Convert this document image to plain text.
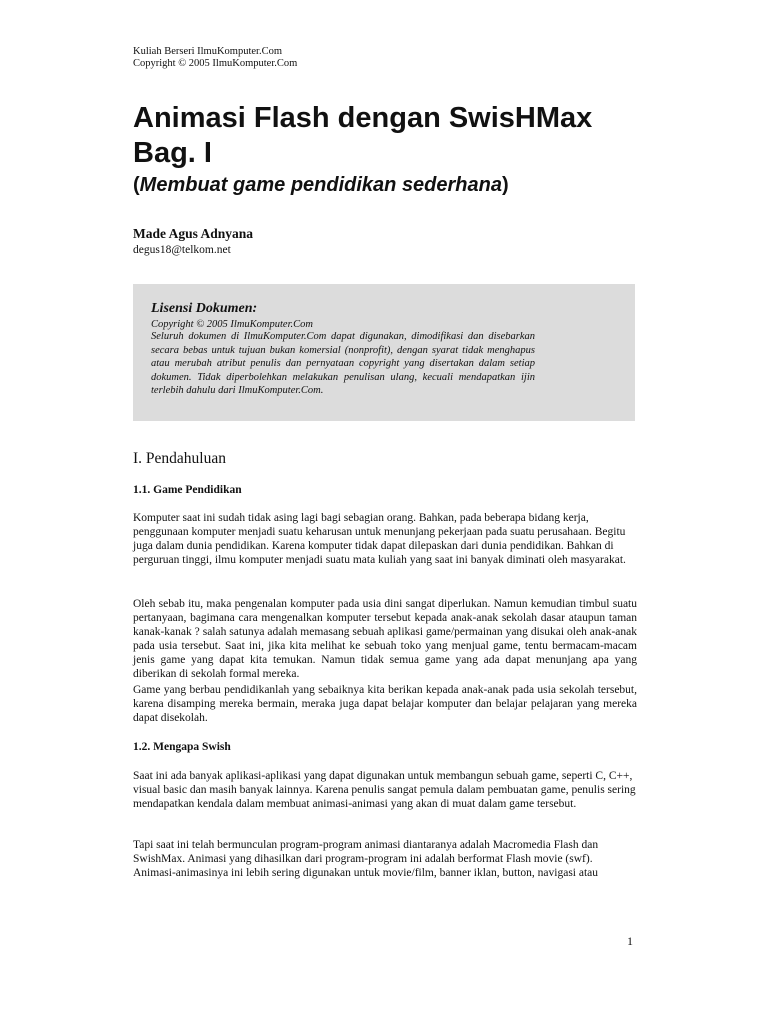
Kuliah Berseri IlmuKomputer.Com
Copyright © 2005 IlmuKomputer.Com
Animasi Flash dengan SwisHMax Bag. I
(Membuat game pendidikan sederhana)
Made Agus Adnyana
degus18@telkom.net
Lisensi Dokumen:
Copyright © 2005 IlmuKomputer.Com
Seluruh dokumen di IlmuKomputer.Com dapat digunakan, dimodifikasi dan disebarkan secara bebas untuk tujuan bukan komersial (nonprofit), dengan syarat tidak menghapus atau merubah atribut penulis dan pernyataan copyright yang disertakan dalam setiap dokumen. Tidak diperbolehkan melakukan penulisan ulang, kecuali mendapatkan ijin terlebih dahulu dari IlmuKomputer.Com.
I. Pendahuluan
1.1. Game Pendidikan

Komputer saat ini sudah tidak asing lagi bagi sebagian orang. Bahkan, pada beberapa bidang kerja, penggunaan komputer menjadi suatu keharusan untuk menunjang pekerjaan pada suatu perusahaan. Begitu juga dalam dunia pendidikan. Karena komputer tidak dapat dilepaskan dari dunia pendidikan. Bahkan di perguruan tinggi, ilmu komputer menjadi suatu mata kuliah yang saat ini banyak diminati oleh masyarakat.

Oleh sebab itu, maka pengenalan komputer pada usia dini sangat diperlukan. Namun kemudian timbul suatu pertanyaan, bagimana cara mengenalkan komputer tersebut kepada anak-anak sekolah dasar ataupun taman kanak-kanak ? salah satunya adalah memasang sebuah aplikasi game/permainan yang disukai oleh anak-anak pada usia tersebut. Saat ini, jika kita melihat ke sebuah toko yang menjual game, tentu bermacam-macam jenis game yang dapat kita temukan. Namun tidak semua game yang ada dapat menunjang apa yang diberikan di sekolah formal mereka.

Game yang berbau pendidikanlah yang sebaiknya kita berikan kepada anak-anak pada usia sekolah tersebut, karena disamping mereka bermain, meraka juga dapat belajar komputer dan belajar pelajaran yang mereka dapat disekolah.

1.2. Mengapa Swish

Saat ini ada banyak aplikasi-aplikasi yang dapat digunakan untuk membangun sebuah game, seperti C, C++, visual basic dan masih banyak lainnya. Karena penulis sangat pemula dalam pembuatan game, penulis sering mendapatkan kendala dalam membuat animasi-animasi yang akan di muat dalam game tersebut.

Tapi saat ini telah bermunculan program-program animasi diantaranya adalah Macromedia Flash dan SwishMax. Animasi yang dihasilkan dari program-program ini adalah berformat Flash movie (swf). Animasi-animasinya ini lebih sering digunakan untuk movie/film, banner iklan, button, navigasi atau

1
